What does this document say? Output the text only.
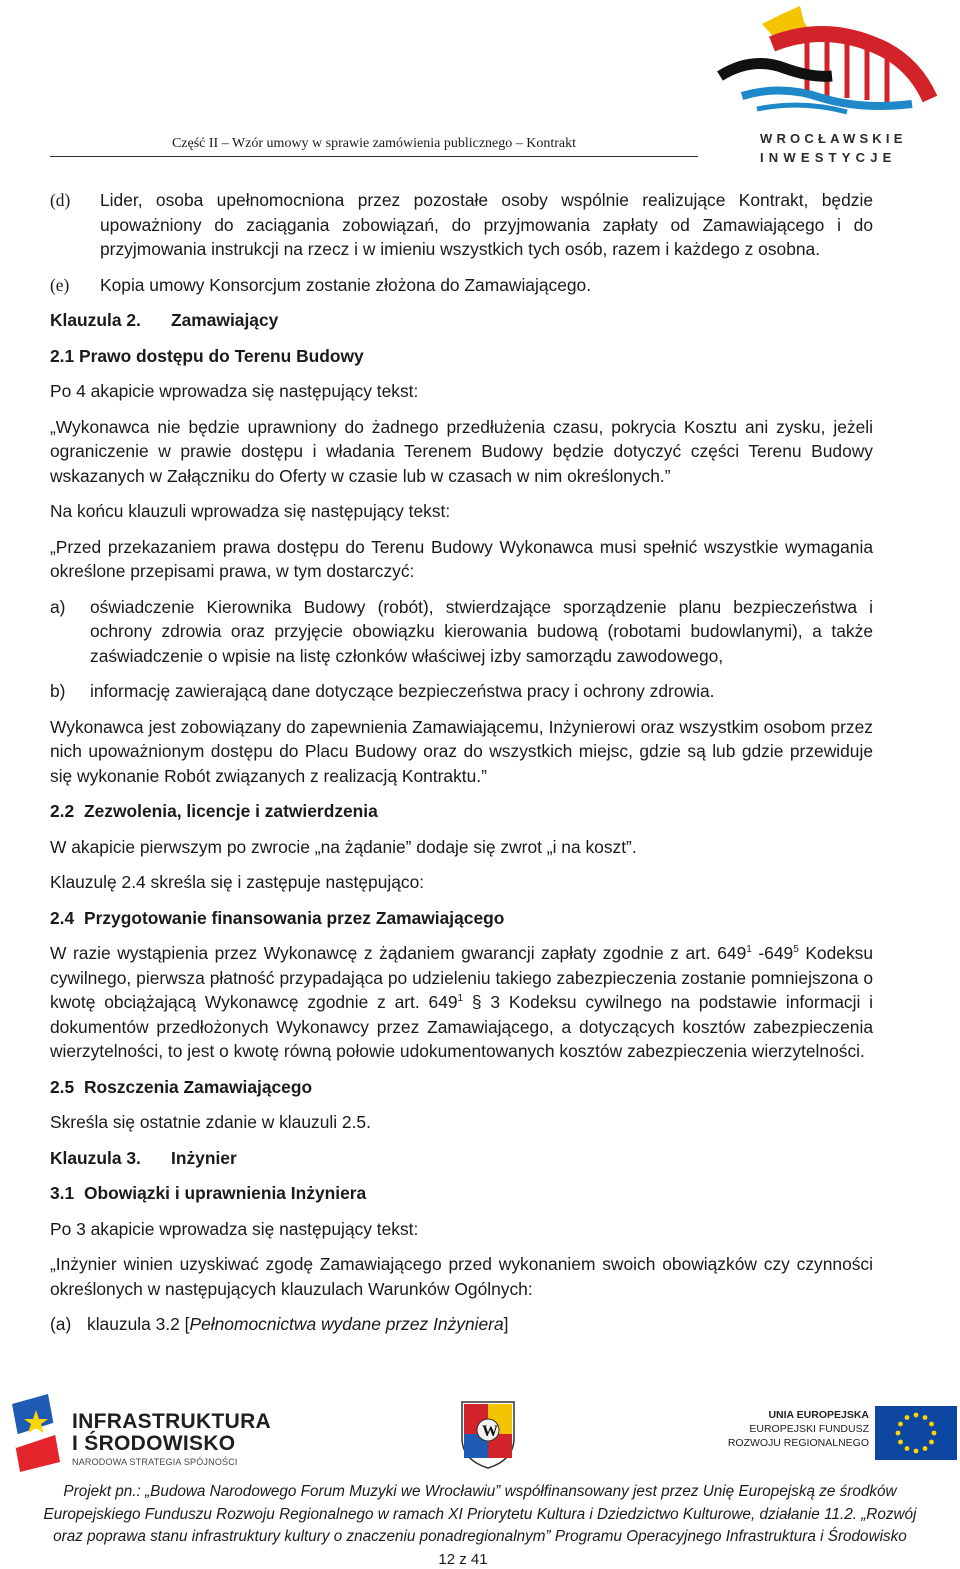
Część II – Wzór umowy w sprawie zamówienia publicznego – Kontrakt	WROCŁAWSKIE
INWESTYCJE
(d)	Lider, osoba upełnomocniona przez pozostałe osoby wspólnie realizujące Kontrakt, będzie upoważniony do zaciągania zobowiązań, do przyjmowania zapłaty od Zamawiającego i do przyjmowania instrukcji na rzecz i w imieniu wszystkich tych osób, razem i każdego z osobna.

(e)	Kopia umowy Konsorcjum zostanie złożona do Zamawiającego.

Klauzula 2.	Zamawiający

2.1 Prawo dostępu do Terenu Budowy

Po 4 akapicie wprowadza się następujący tekst:

„Wykonawca nie będzie uprawniony do żadnego przedłużenia czasu, pokrycia Kosztu ani zysku, jeżeli ograniczenie w prawie dostępu i władania Terenem Budowy będzie dotyczyć części Terenu Budowy wskazanych w Załączniku do Oferty w czasie lub w czasach w nim określonych.”

Na końcu klauzuli wprowadza się następujący tekst:

„Przed przekazaniem prawa dostępu do Terenu Budowy Wykonawca musi spełnić wszystkie wymagania określone przepisami prawa, w tym dostarczyć:

a)	oświadczenie Kierownika Budowy (robót), stwierdzające sporządzenie planu bezpieczeństwa i ochrony zdrowia oraz przyjęcie obowiązku kierowania budową (robotami budowlanymi), a także zaświadczenie o wpisie na listę członków właściwej izby samorządu zawodowego,

b)	informację zawierającą dane dotyczące bezpieczeństwa pracy i ochrony zdrowia.

Wykonawca jest zobowiązany do zapewnienia Zamawiającemu, Inżynierowi oraz wszystkim osobom przez nich upoważnionym dostępu do Placu Budowy oraz do wszystkich miejsc, gdzie są lub gdzie przewiduje się wykonanie Robót związanych z realizacją Kontraktu.”

2.2 Zezwolenia, licencje i zatwierdzenia

W akapicie pierwszym po zwrocie „na żądanie” dodaje się zwrot „i na koszt”.

Klauzulę 2.4 skreśla się i zastępuje następująco:

2.4 Przygotowanie finansowania przez Zamawiającego

W razie wystąpienia przez Wykonawcę z żądaniem gwarancji zapłaty zgodnie z art. $649^1$ $-649^5$ Kodeksu cywilnego, pierwsza płatność przypadająca po udzieleniu takiego zabezpieczenia zostanie pomniejszona o kwotę obciążającą Wykonawcę zgodnie z art. $649^1$ § 3 Kodeksu cywilnego na podstawie informacji i dokumentów przedłożonych Wykonawcy przez Zamawiającego, a dotyczących kosztów zabezpieczenia wierzytelności, to jest o kwotę równą połowie udokumentowanych kosztów zabezpieczenia wierzytelności.

2.5 Roszczenia Zamawiającego

Skreśla się ostatnie zdanie w klauzuli 2.5.

Klauzula 3.	Inżynier

3.1 Obowiązki i uprawnienia Inżyniera

Po 3 akapicie wprowadza się następujący tekst:

„Inżynier winien uzyskiwać zgodę Zamawiającego przed wykonaniem swoich obowiązków czy czynności określonych w następujących klauzulach Warunków Ogólnych:

(a) klauzula 3.2 [Pełnomocnictwa wydane przez Inżyniera]

INFRASTRUKTURA
I ŚRODOWISKO
NARODOWA STRATEGIA SPÓJNOŚCI
W
UNIA EUROPEJSKA
EUROPEJSKI FUNDUSZ
ROZWOJU REGIONALNEGO

Projekt pn.: „Budowa Narodowego Forum Muzyki we Wrocławiu” współfinansowany jest przez Unię Europejską ze środków

Europejskiego Funduszu Rozwoju Regionalnego w ramach XI Priorytetu Kultura i Dziedzictwo Kulturowe, działanie 11.2. „Rozwój

oraz poprawa stanu infrastruktury kultury o znaczeniu ponadregionalnym” Programu Operacyjnego Infrastruktura i Środowisko

12 z 41
